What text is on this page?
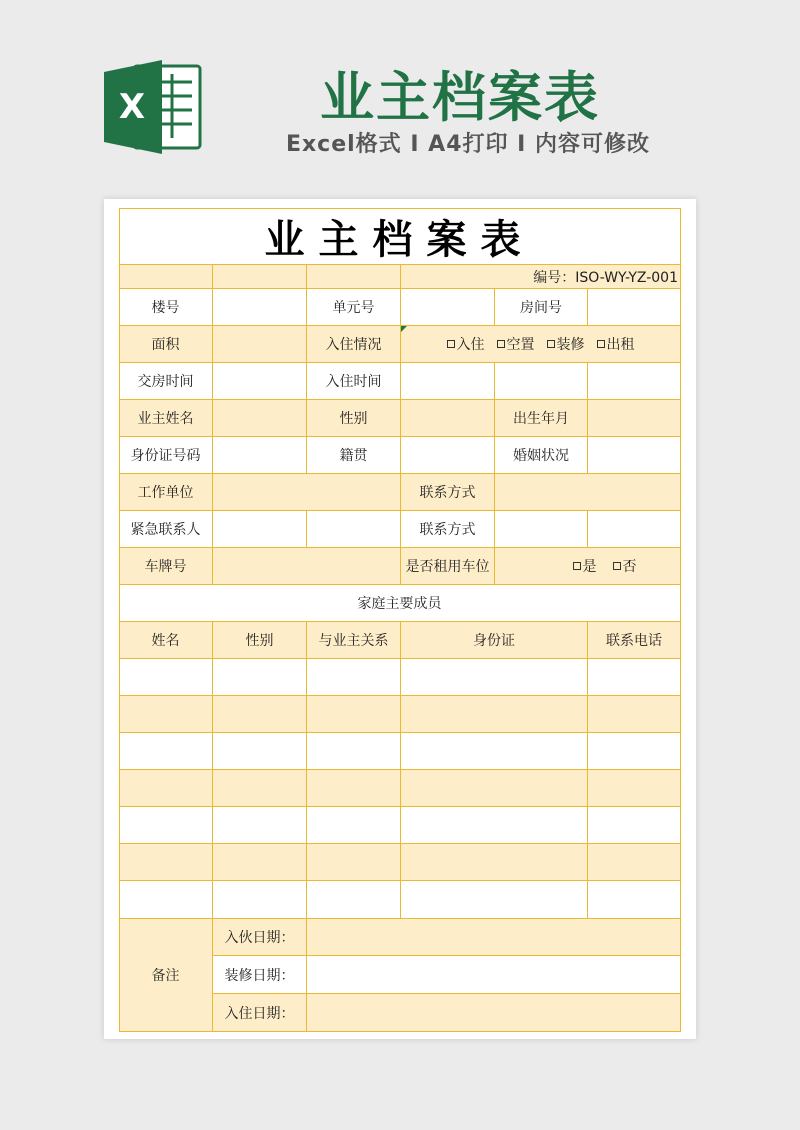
X	业主档案表
Excel格式 I A4打印 I 内容可修改
业主档案表
编号：ISO-WY-YZ-001
楼号	单元号	房间号
面积	入住情况	入住 空置 装修 出租
交房时间	入住时间
业主姓名	性别	出生年月
身份证号码	籍贯	婚姻状况
工作单位	联系方式
紧急联系人	联系方式
车牌号	是否租用车位	是 否
家庭主要成员
姓名	性别	与业主关系	身份证	联系电话
备注
入伙日期：
装修日期：
入住日期：
